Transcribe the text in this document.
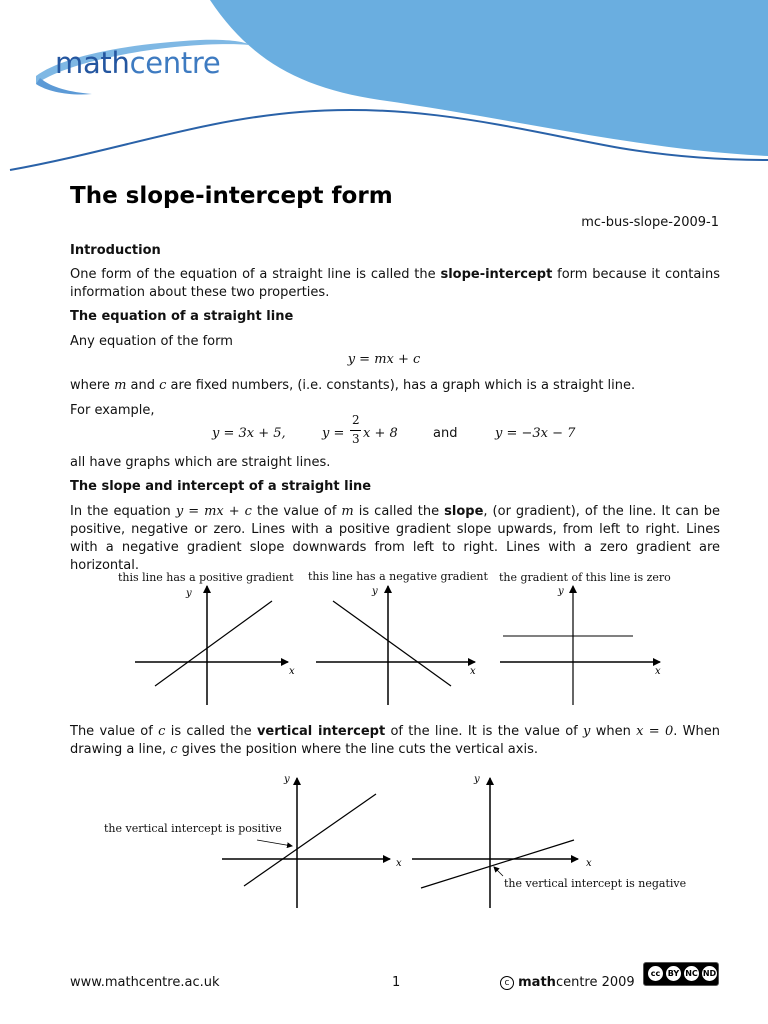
mathcentre
The slope-intercept form
mc-bus-slope-2009-1
Introduction
One form of the equation of a straight line is called the slope-intercept form because it contains information about these two properties.
The equation of a straight line
Any equation of the form
y = mx + c
where m and c are fixed numbers, (i.e. constants), has a graph which is a straight line.
For example,
y = 3x + 5,	y =
2
3 x + 8	and	y = −3x − 7
all have graphs which are straight lines.
The slope and intercept of a straight line
In the equation y = mx + c the value of m is called the slope, (or gradient), of the line. It can be positive, negative or zero. Lines with a positive gradient slope upwards, from left to right. Lines with a negative gradient slope downwards from left to right. Lines with a zero gradient are horizontal.
this line has a positive gradient this line has a negative gradient the gradient of this line is zero
y
x
y
x
y
x
The value of c is called the vertical intercept of the line. It is the value of y when x = 0. When drawing a line, c gives the position where the line cuts the vertical axis.
y
x
y
x
the vertical intercept is positive
the vertical intercept is negative
www.mathcentre.ac.uk	1	c mathcentre 2009
cc BY NC ND
